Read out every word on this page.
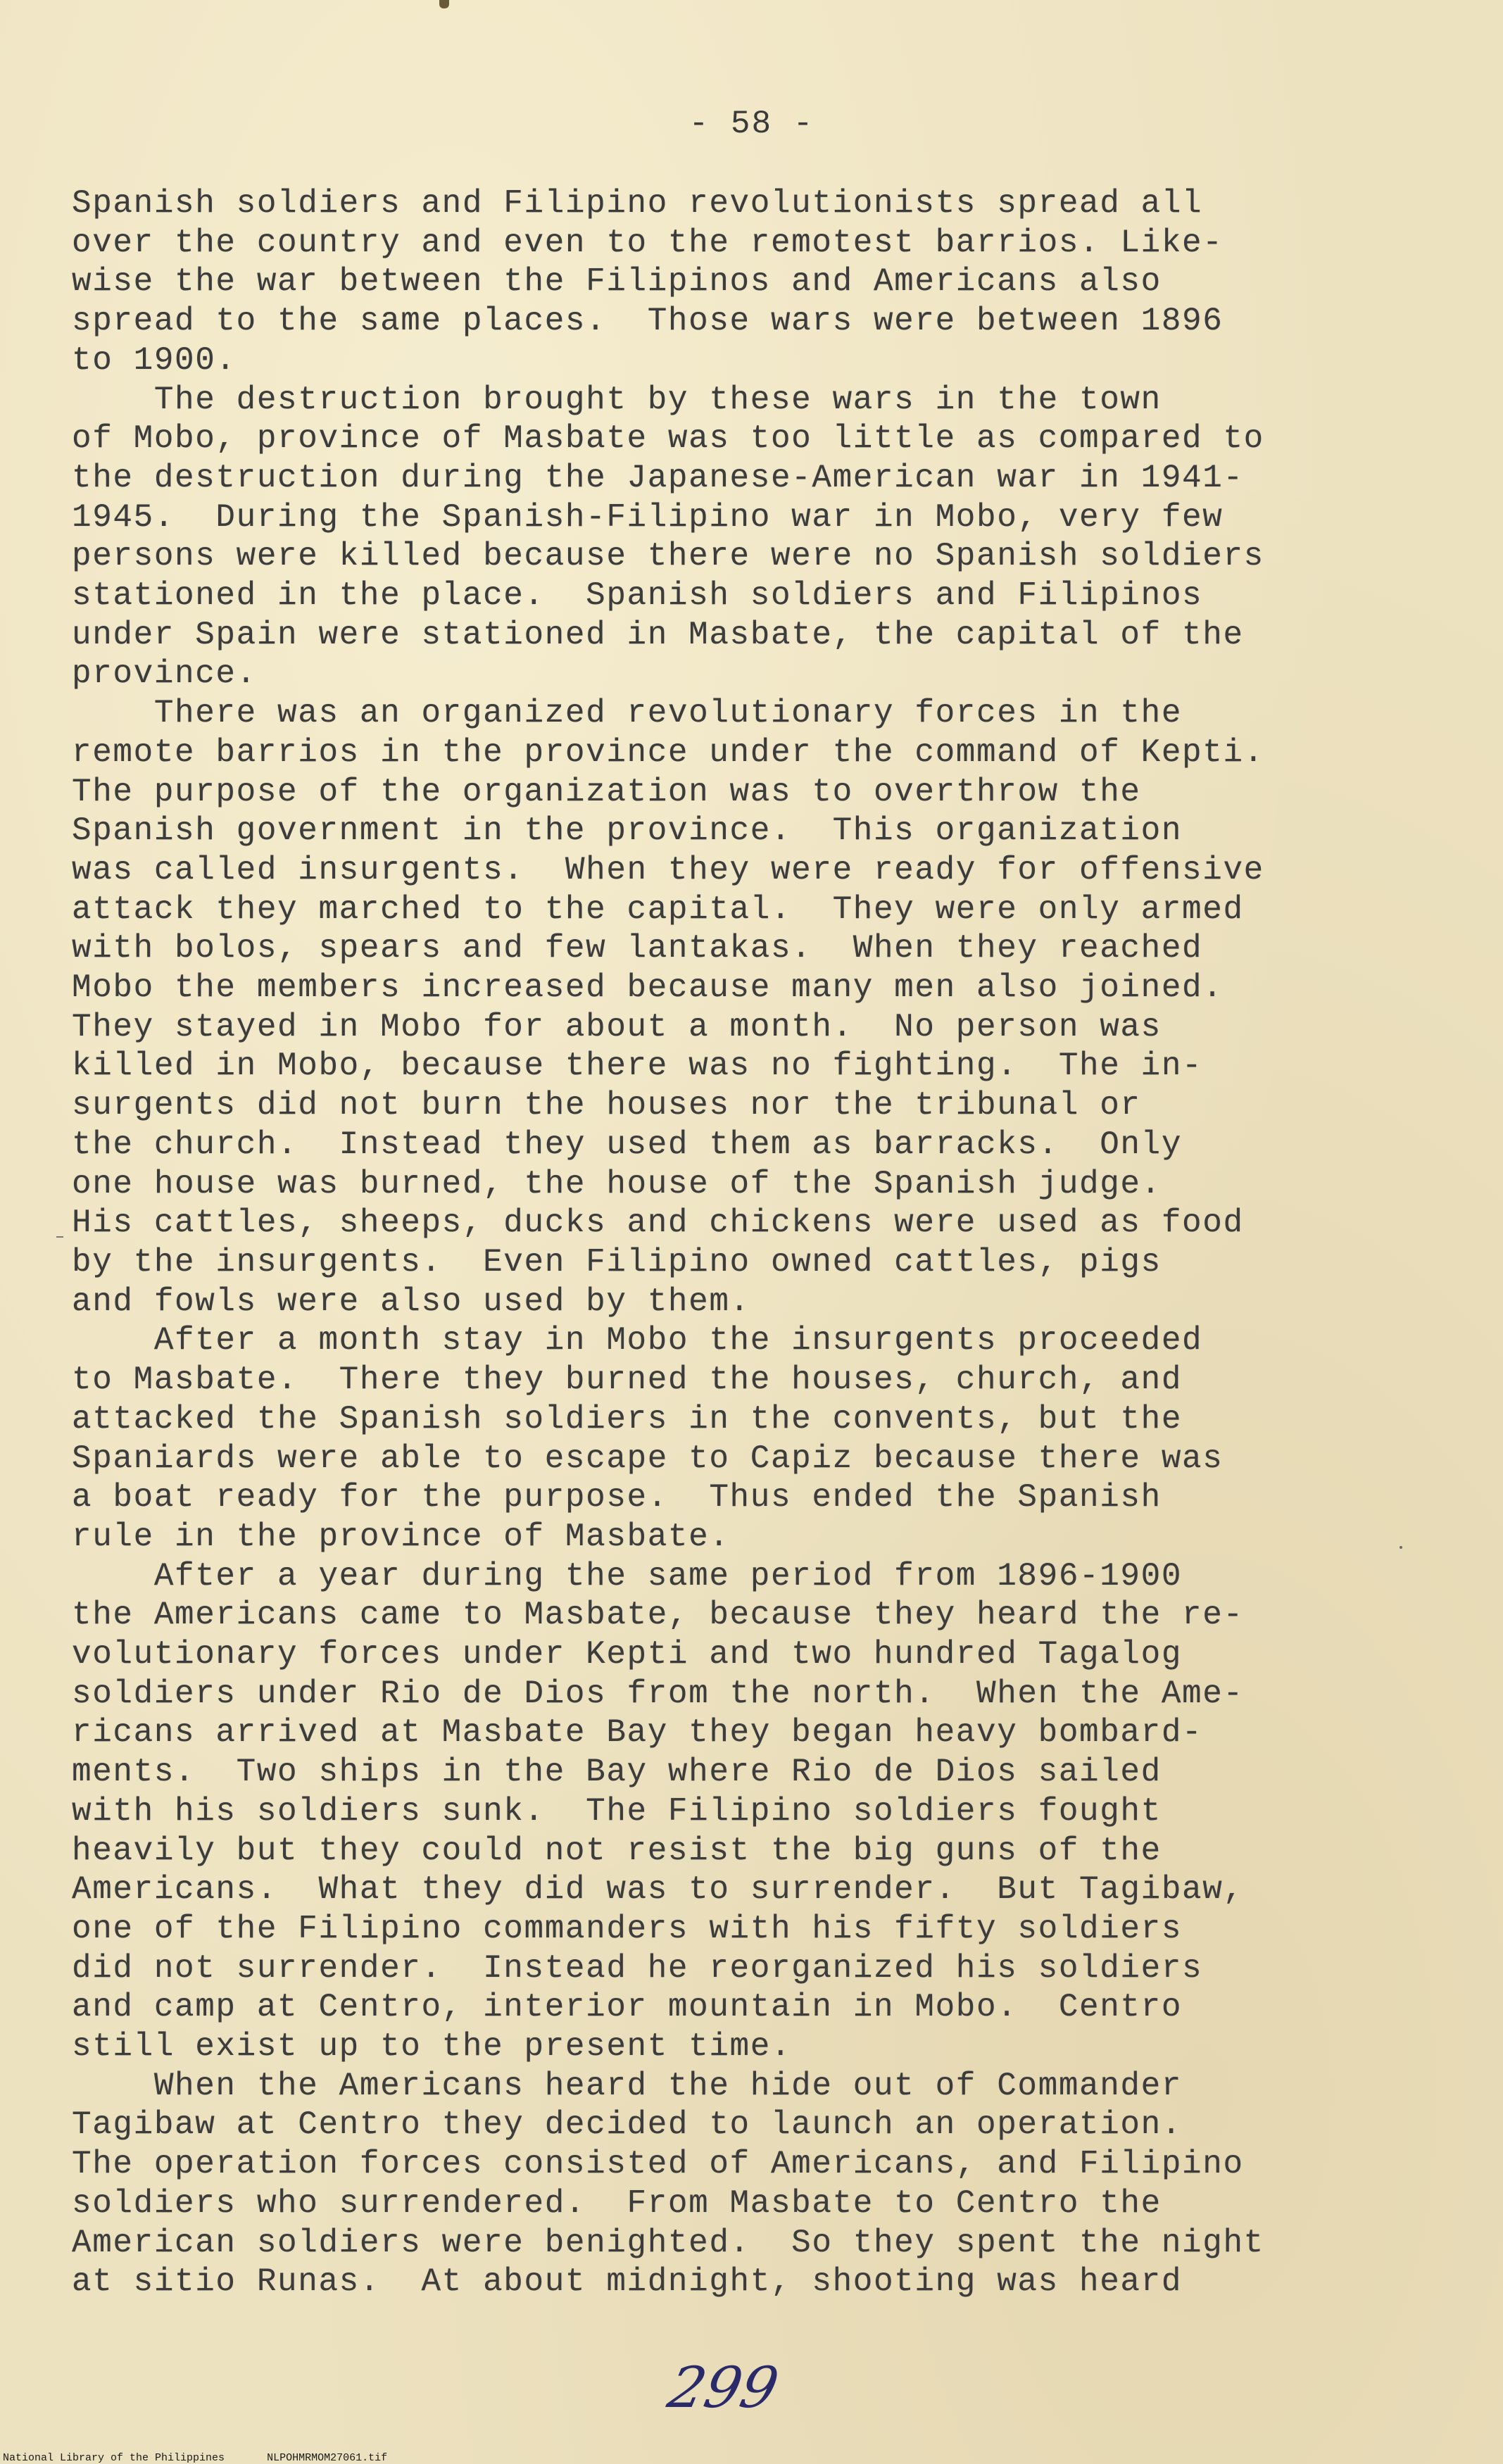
- 58 -

Spanish soldiers and Filipino revolutionists spread all
over the country and even to the remotest barrios. Like-
wise the war between the Filipinos and Americans also
spread to the same places.  Those wars were between 1896
to 1900.
The destruction brought by these wars in the town
of Mobo, province of Masbate was too little as compared to
the destruction during the Japanese-American war in 1941-
1945.  During the Spanish-Filipino war in Mobo, very few
persons were killed because there were no Spanish soldiers
stationed in the place.  Spanish soldiers and Filipinos
under Spain were stationed in Masbate, the capital of the
province.
There was an organized revolutionary forces in the
remote barrios in the province under the command of Kepti.
The purpose of the organization was to overthrow the
Spanish government in the province.  This organization
was called insurgents.  When they were ready for offensive
attack they marched to the capital.  They were only armed
with bolos, spears and few lantakas.  When they reached
Mobo the members increased because many men also joined.
They stayed in Mobo for about a month.  No person was
killed in Mobo, because there was no fighting.  The in-
surgents did not burn the houses nor the tribunal or
the church.  Instead they used them as barracks.  Only
one house was burned, the house of the Spanish judge.
His cattles, sheeps, ducks and chickens were used as food
by the insurgents.  Even Filipino owned cattles, pigs
and fowls were also used by them.
After a month stay in Mobo the insurgents proceeded
to Masbate.  There they burned the houses, church, and
attacked the Spanish soldiers in the convents, but the
Spaniards were able to escape to Capiz because there was
a boat ready for the purpose.  Thus ended the Spanish
rule in the province of Masbate.
After a year during the same period from 1896-1900
the Americans came to Masbate, because they heard the re-
volutionary forces under Kepti and two hundred Tagalog
soldiers under Rio de Dios from the north.  When the Ame-
ricans arrived at Masbate Bay they began heavy bombard-
ments.  Two ships in the Bay where Rio de Dios sailed
with his soldiers sunk.  The Filipino soldiers fought
heavily but they could not resist the big guns of the
Americans.  What they did was to surrender.  But Tagibaw,
one of the Filipino commanders with his fifty soldiers
did not surrender.  Instead he reorganized his soldiers
and camp at Centro, interior mountain in Mobo.  Centro
still exist up to the present time.
When the Americans heard the hide out of Commander
Tagibaw at Centro they decided to launch an operation.
The operation forces consisted of Americans, and Filipino
soldiers who surrendered.  From Masbate to Centro the
American soldiers were benighted.  So they spent the night
at sitio Runas.  At about midnight, shooting was heard

299

National Library of the Philippines	NLPOHMRMOM27061.tif
